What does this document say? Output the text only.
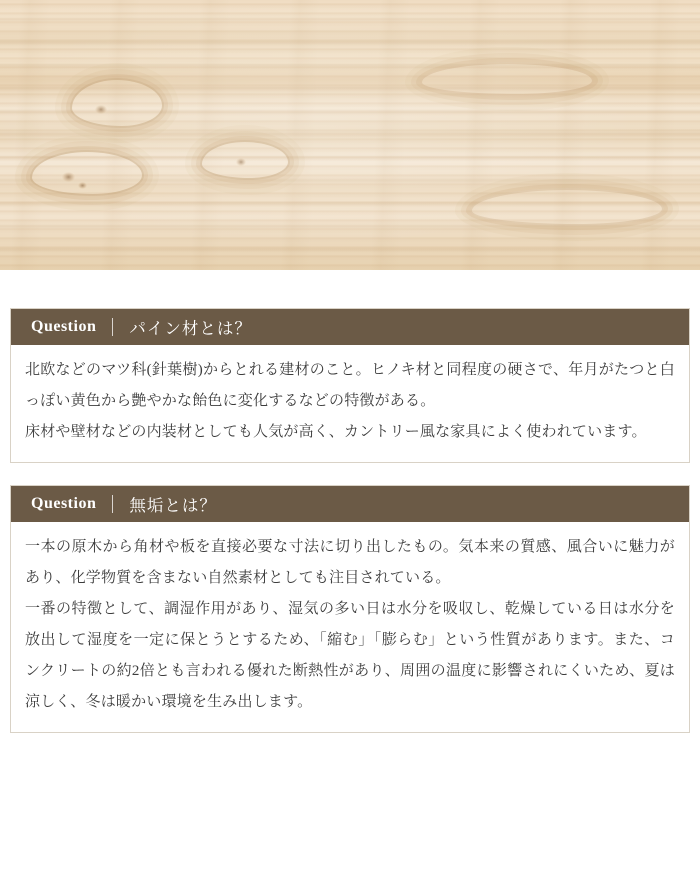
Question パイン材とは？

北欧などのマツ科(針葉樹)からとれる建材のこと。ヒノキ材と同程度の硬さで、年月がたつと白っぽい黄色から艶やかな飴色に変化するなどの特徴がある。

床材や壁材などの内装材としても人気が高く、カントリー風な家具によく使われています。

Question 無垢とは？

一本の原木から角材や板を直接必要な寸法に切り出したもの。気本来の質感、風合いに魅力があり、化学物質を含まない自然素材としても注目されている。

一番の特徴として、調湿作用があり、湿気の多い日は水分を吸収し、乾燥している日は水分を放出して湿度を一定に保とうとするため、「縮む」「膨らむ」という性質があります。また、コンクリートの約2倍とも言われる優れた断熱性があり、周囲の温度に影響されにくいため、夏は涼しく、冬は暖かい環境を生み出します。
